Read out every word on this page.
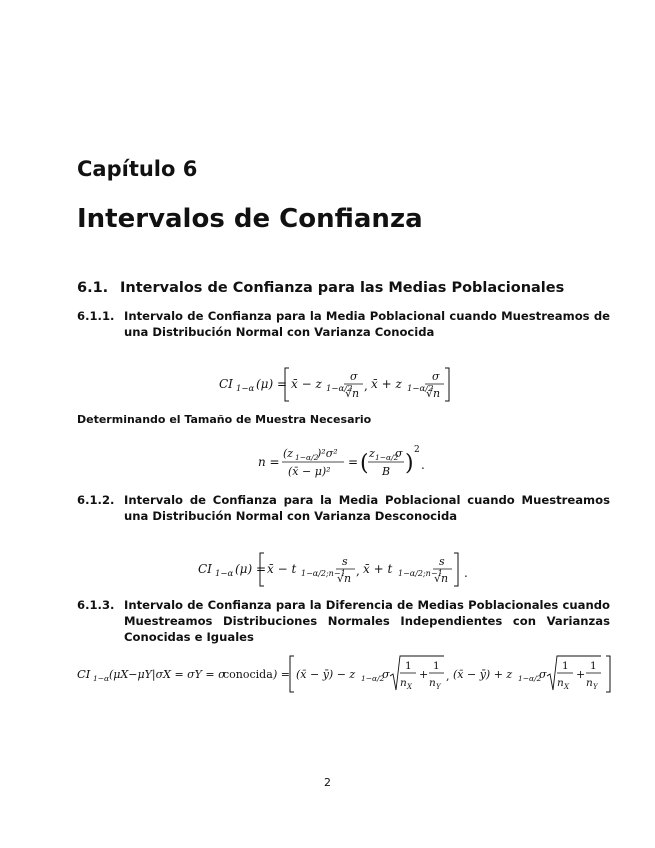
Capítulo 6
Intervalos de Confianza
6.1. Intervalos de Confianza para las Medias Poblacionales
6.1.1. Intervalo de Confianza para la Media Poblacional cuando Muestreamos de una Distribución Normal con Varianza Conocida
CI 1−α (μ) = x̄ − z 1−α/2
σ
√n
, x̄ + z 1−α/2
σ
√n
Determinando el Tamaño de Muestra Necesario
n =
(z 1−α/2
)²σ²
(x̄ − μ)²
= ( z 1−α/2
σ
B )
2
.
6.1.2. Intervalo de Confianza para la Media Poblacional cuando Muestreamos una Distribución Normal con Varianza Desconocida
CI 1−α (μ) = x̄ − t 1−α/2;n−1
s
√n
, x̄ + t 1−α/2;n−1
s
√n .
6.1.3. Intervalo de Confianza para la Diferencia de Medias Poblacionales cuando Muestreamos Distribuciones Normales Independientes con Varianzas Conocidas e Iguales
CI 1−α (μX−μY|σX = σY = σ
conocida ) = (x̄ − ȳ) − z 1−α/2
σ
1
n X
+
1
n Y
, (x̄ − ȳ) + z 1−α/2
σ
1
n X
+
1
n Y
2
